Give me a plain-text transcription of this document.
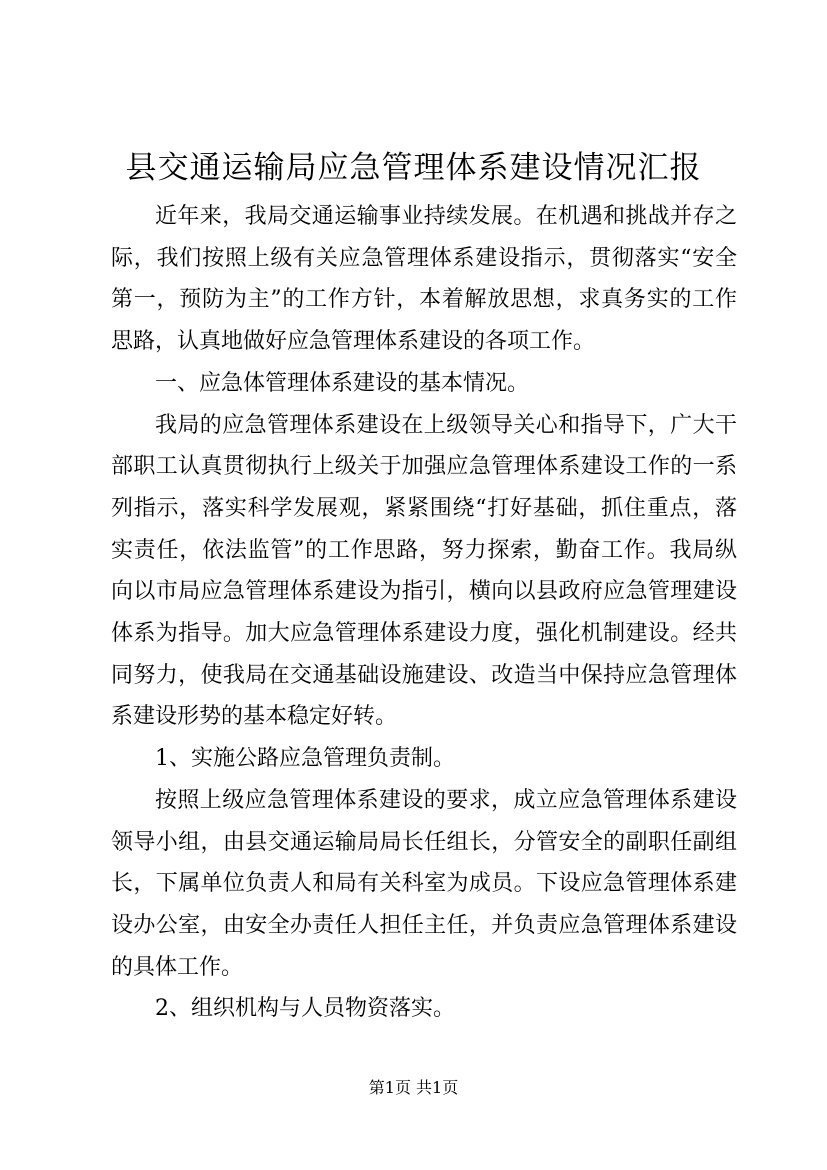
县交通运输局应急管理体系建设情况汇报

近年来，我局交通运输事业持续发展。在机遇和挑战并存之际，我们按照上级有关应急管理体系建设指示，贯彻落实“安全第一，预防为主”的工作方针，本着解放思想，求真务实的工作思路，认真地做好应急管理体系建设的各项工作。

一、应急体管理体系建设的基本情况。

我局的应急管理体系建设在上级领导关心和指导下，广大干部职工认真贯彻执行上级关于加强应急管理体系建设工作的一系列指示，落实科学发展观，紧紧围绕“打好基础，抓住重点，落实责任，依法监管”的工作思路，努力探索，勤奋工作。我局纵向以市局应急管理体系建设为指引，横向以县政府应急管理建设体系为指导。加大应急管理体系建设力度，强化机制建设。经共同努力，使我局在交通基础设施建设、改造当中保持应急管理体系建设形势的基本稳定好转。

1、实施公路应急管理负责制。

按照上级应急管理体系建设的要求，成立应急管理体系建设领导小组，由县交通运输局局长任组长，分管安全的副职任副组长，下属单位负责人和局有关科室为成员。下设应急管理体系建设办公室，由安全办责任人担任主任，并负责应急管理体系建设的具体工作。

2、组织机构与人员物资落实。

第1页 共1页
